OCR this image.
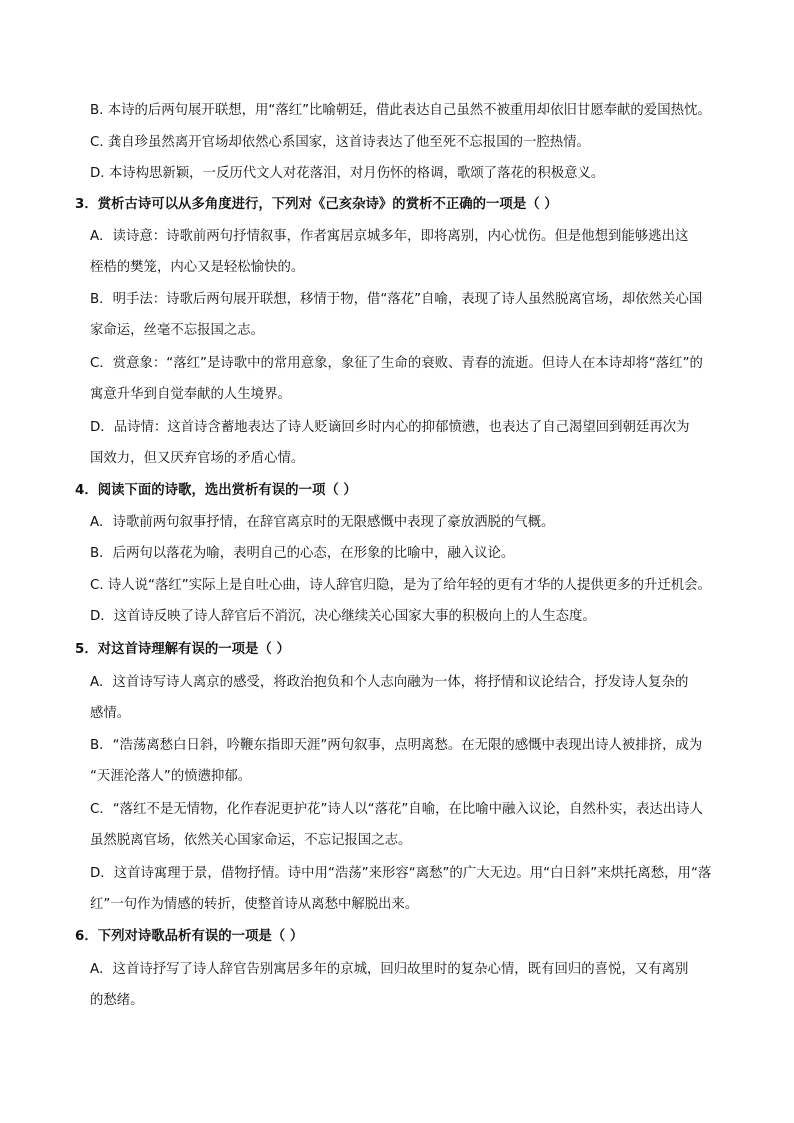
B. 本诗的后两句展开联想，用“落红”比喻朝廷，借此表达自己虽然不被重用却依旧甘愿奉献的爱国热忱。
C. 龚自珍虽然离开官场却依然心系国家，这首诗表达了他至死不忘报国的一腔热情。
D. 本诗构思新颖，一反历代文人对花落泪，对月伤怀的格调，歌颂了落花的积极意义。
3．赏析古诗可以从多角度进行，下列对《己亥杂诗》的赏析不正确的一项是（ ）
A．读诗意：诗歌前两句抒情叙事，作者寓居京城多年，即将离别，内心忧伤。但是他想到能够逃出这
桎梏的樊笼，内心又是轻松愉快的。
B．明手法：诗歌后两句展开联想，移情于物，借“落花”自喻，表现了诗人虽然脱离官场，却依然关心国
家命运，丝毫不忘报国之志。
C．赏意象：“落红”是诗歌中的常用意象，象征了生命的衰败、青春的流逝。但诗人在本诗却将“落红”的
寓意升华到自觉奉献的人生境界。
D．品诗情：这首诗含蓄地表达了诗人贬谪回乡时内心的抑郁愤懑，也表达了自己渴望回到朝廷再次为
国效力，但又厌弃官场的矛盾心情。
4．阅读下面的诗歌，选出赏析有误的一项（ ）
A．诗歌前两句叙事抒情，在辞官离京时的无限感慨中表现了豪放洒脱的气概。
B．后两句以落花为喻，表明自己的心态，在形象的比喻中，融入议论。
C. 诗人说“落红”实际上是自吐心曲，诗人辞官归隐，是为了给年轻的更有才华的人提供更多的升迁机会。
D．这首诗反映了诗人辞官后不消沉，决心继续关心国家大事的积极向上的人生态度。
5．对这首诗理解有误的一项是（ ）
A．这首诗写诗人离京的感受，将政治抱负和个人志向融为一体，将抒情和议论结合，抒发诗人复杂的
感情。
B．“浩荡离愁白日斜，吟鞭东指即天涯”两句叙事，点明离愁。在无限的感慨中表现出诗人被排挤，成为
“天涯沦落人”的愤懑抑郁。
C．“落红不是无情物，化作春泥更护花”诗人以“落花”自喻，在比喻中融入议论，自然朴实，表达出诗人
虽然脱离官场，依然关心国家命运，不忘记报国之志。
D．这首诗寓理于景，借物抒情。诗中用“浩荡”来形容“离愁”的广大无边。用“白日斜”来烘托离愁，用“落
红”一句作为情感的转折，使整首诗从离愁中解脱出来。
6．下列对诗歌品析有误的一项是（ ）
A．这首诗抒写了诗人辞官告别寓居多年的京城，回归故里时的复杂心情，既有回归的喜悦，又有离别
的愁绪。
